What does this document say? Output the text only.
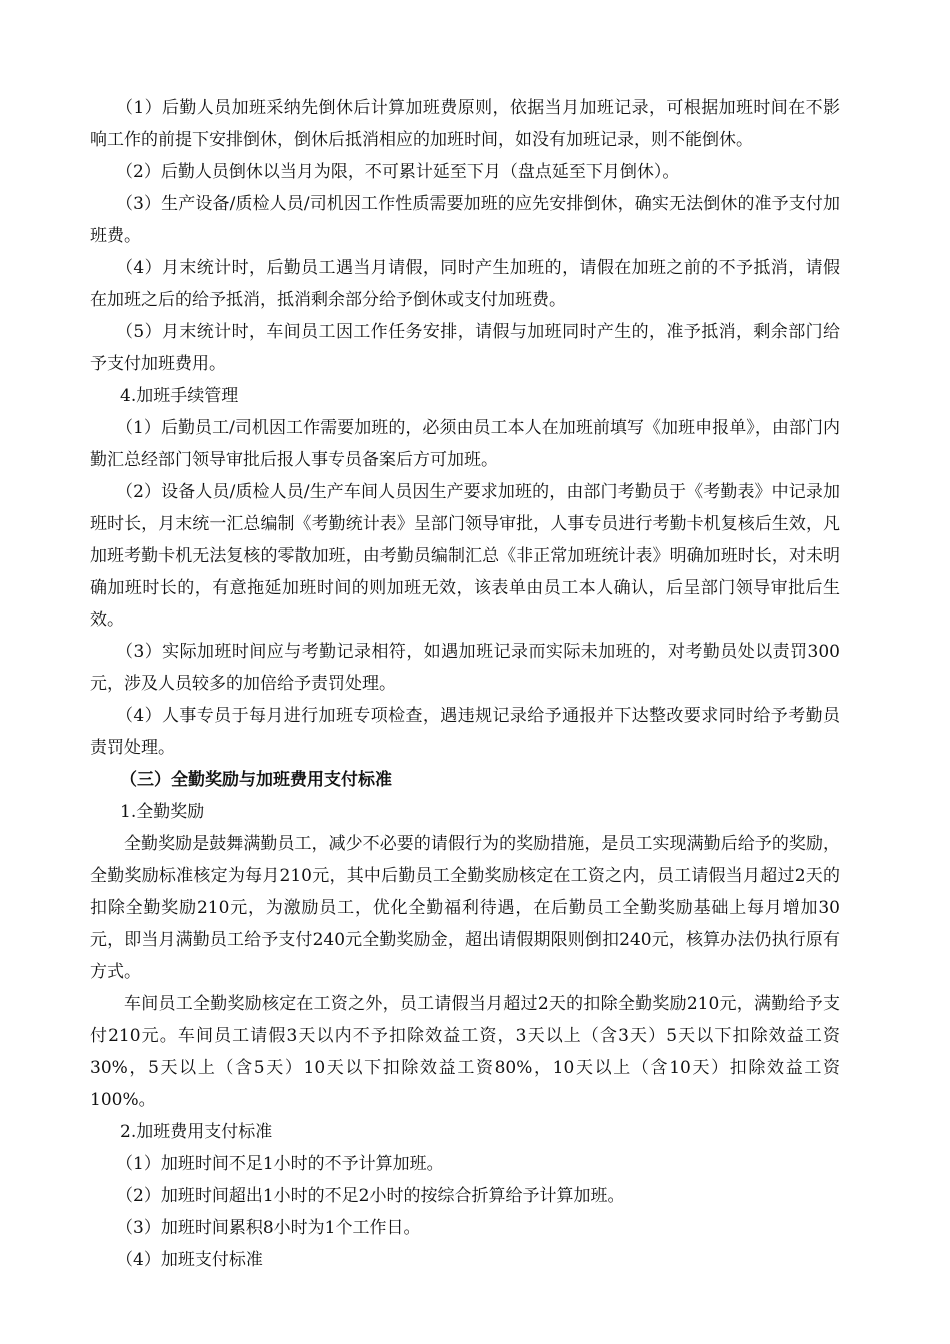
（1）后勤人员加班采纳先倒休后计算加班费原则，依据当月加班记录，可根据加班时间在不影响工作的前提下安排倒休，倒休后抵消相应的加班时间，如没有加班记录，则不能倒休。

（2）后勤人员倒休以当月为限，不可累计延至下月（盘点延至下月倒休）。

（3）生产设备/质检人员/司机因工作性质需要加班的应先安排倒休，确实无法倒休的准予支付加班费。

（4）月末统计时，后勤员工遇当月请假，同时产生加班的，请假在加班之前的不予抵消，请假在加班之后的给予抵消，抵消剩余部分给予倒休或支付加班费。

（5）月末统计时，车间员工因工作任务安排，请假与加班同时产生的，准予抵消，剩余部门给予支付加班费用。

4.加班手续管理

（1）后勤员工/司机因工作需要加班的，必须由员工本人在加班前填写《加班申报单》，由部门内勤汇总经部门领导审批后报人事专员备案后方可加班。

（2）设备人员/质检人员/生产车间人员因生产要求加班的，由部门考勤员于《考勤表》中记录加班时长，月末统一汇总编制《考勤统计表》呈部门领导审批，人事专员进行考勤卡机复核后生效，凡加班考勤卡机无法复核的零散加班，由考勤员编制汇总《非正常加班统计表》明确加班时长，对未明确加班时长的，有意拖延加班时间的则加班无效，该表单由员工本人确认，后呈部门领导审批后生效。

（3）实际加班时间应与考勤记录相符，如遇加班记录而实际未加班的，对考勤员处以责罚300元，涉及人员较多的加倍给予责罚处理。

（4）人事专员于每月进行加班专项检查，遇违规记录给予通报并下达整改要求同时给予考勤员责罚处理。

（三）全勤奖励与加班费用支付标准

1.全勤奖励

全勤奖励是鼓舞满勤员工，减少不必要的请假行为的奖励措施，是员工实现满勤后给予的奖励，全勤奖励标准核定为每月210元，其中后勤员工全勤奖励核定在工资之内，员工请假当月超过2天的扣除全勤奖励210元，为激励员工，优化全勤福利待遇，在后勤员工全勤奖励基础上每月增加30元，即当月满勤员工给予支付240元全勤奖励金，超出请假期限则倒扣240元，核算办法仍执行原有方式。

车间员工全勤奖励核定在工资之外，员工请假当月超过2天的扣除全勤奖励210元，满勤给予支付210元。车间员工请假3天以内不予扣除效益工资，3天以上（含3天）5天以下扣除效益工资30%，5天以上（含5天）10天以下扣除效益工资80%，10天以上（含10天）扣除效益工资100%。

2.加班费用支付标准

（1）加班时间不足1小时的不予计算加班。

（2）加班时间超出1小时的不足2小时的按综合折算给予计算加班。

（3）加班时间累积8小时为1个工作日。

（4）加班支付标准
